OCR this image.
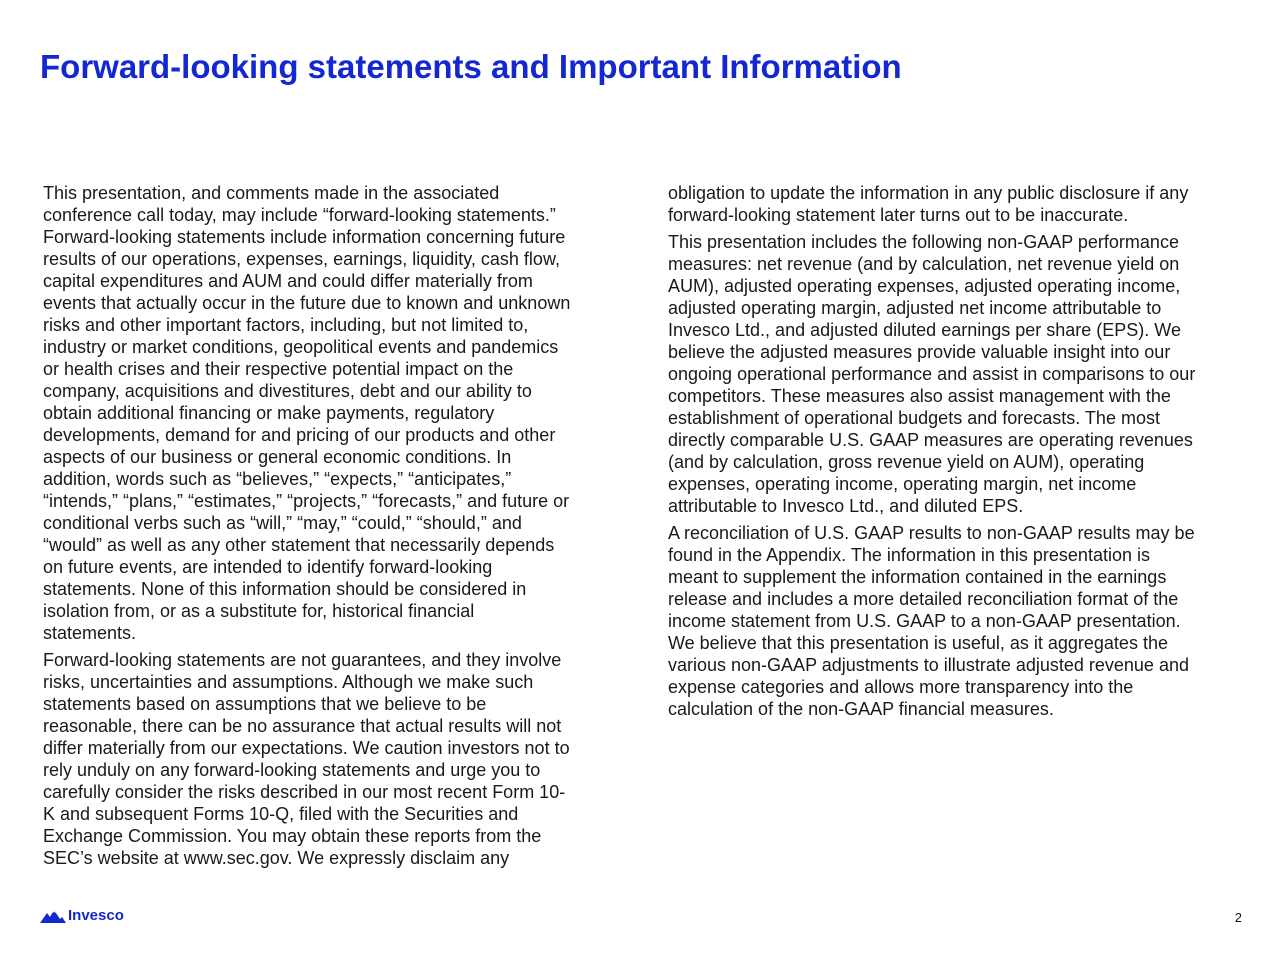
Forward-looking statements and Important Information

This presentation, and comments made in the associated
conference call today, may include “forward-looking statements.”
Forward-looking statements include information concerning future
results of our operations, expenses, earnings, liquidity, cash flow,
capital expenditures and AUM and could differ materially from
events that actually occur in the future due to known and unknown
risks and other important factors, including, but not limited to,
industry or market conditions, geopolitical events and pandemics
or health crises and their respective potential impact on the
company, acquisitions and divestitures, debt and our ability to
obtain additional financing or make payments, regulatory
developments, demand for and pricing of our products and other
aspects of our business or general economic conditions. In
addition, words such as “believes,” “expects,” “anticipates,”
“intends,” “plans,” “estimates,” “projects,” “forecasts,” and future or
conditional verbs such as “will,” “may,” “could,” “should,” and
“would” as well as any other statement that necessarily depends
on future events, are intended to identify forward-looking
statements. None of this information should be considered in
isolation from, or as a substitute for, historical financial
statements.

Forward-looking statements are not guarantees, and they involve
risks, uncertainties and assumptions. Although we make such
statements based on assumptions that we believe to be
reasonable, there can be no assurance that actual results will not
differ materially from our expectations. We caution investors not to
rely unduly on any forward-looking statements and urge you to
carefully consider the risks described in our most recent Form 10-
K and subsequent Forms 10-Q, filed with the Securities and
Exchange Commission. You may obtain these reports from the
SEC’s website at www.sec.gov. We expressly disclaim any

obligation to update the information in any public disclosure if any
forward-looking statement later turns out to be inaccurate.

This presentation includes the following non-GAAP performance
measures: net revenue (and by calculation, net revenue yield on
AUM), adjusted operating expenses, adjusted operating income,
adjusted operating margin, adjusted net income attributable to
Invesco Ltd., and adjusted diluted earnings per share (EPS). We
believe the adjusted measures provide valuable insight into our
ongoing operational performance and assist in comparisons to our
competitors. These measures also assist management with the
establishment of operational budgets and forecasts. The most
directly comparable U.S. GAAP measures are operating revenues
(and by calculation, gross revenue yield on AUM), operating
expenses, operating income, operating margin, net income
attributable to Invesco Ltd., and diluted EPS.

A reconciliation of U.S. GAAP results to non-GAAP results may be
found in the Appendix. The information in this presentation is
meant to supplement the information contained in the earnings
release and includes a more detailed reconciliation format of the
income statement from U.S. GAAP to a non-GAAP presentation.
We believe that this presentation is useful, as it aggregates the
various non-GAAP adjustments to illustrate adjusted revenue and
expense categories and allows more transparency into the
calculation of the non-GAAP financial measures.

Invesco	2
